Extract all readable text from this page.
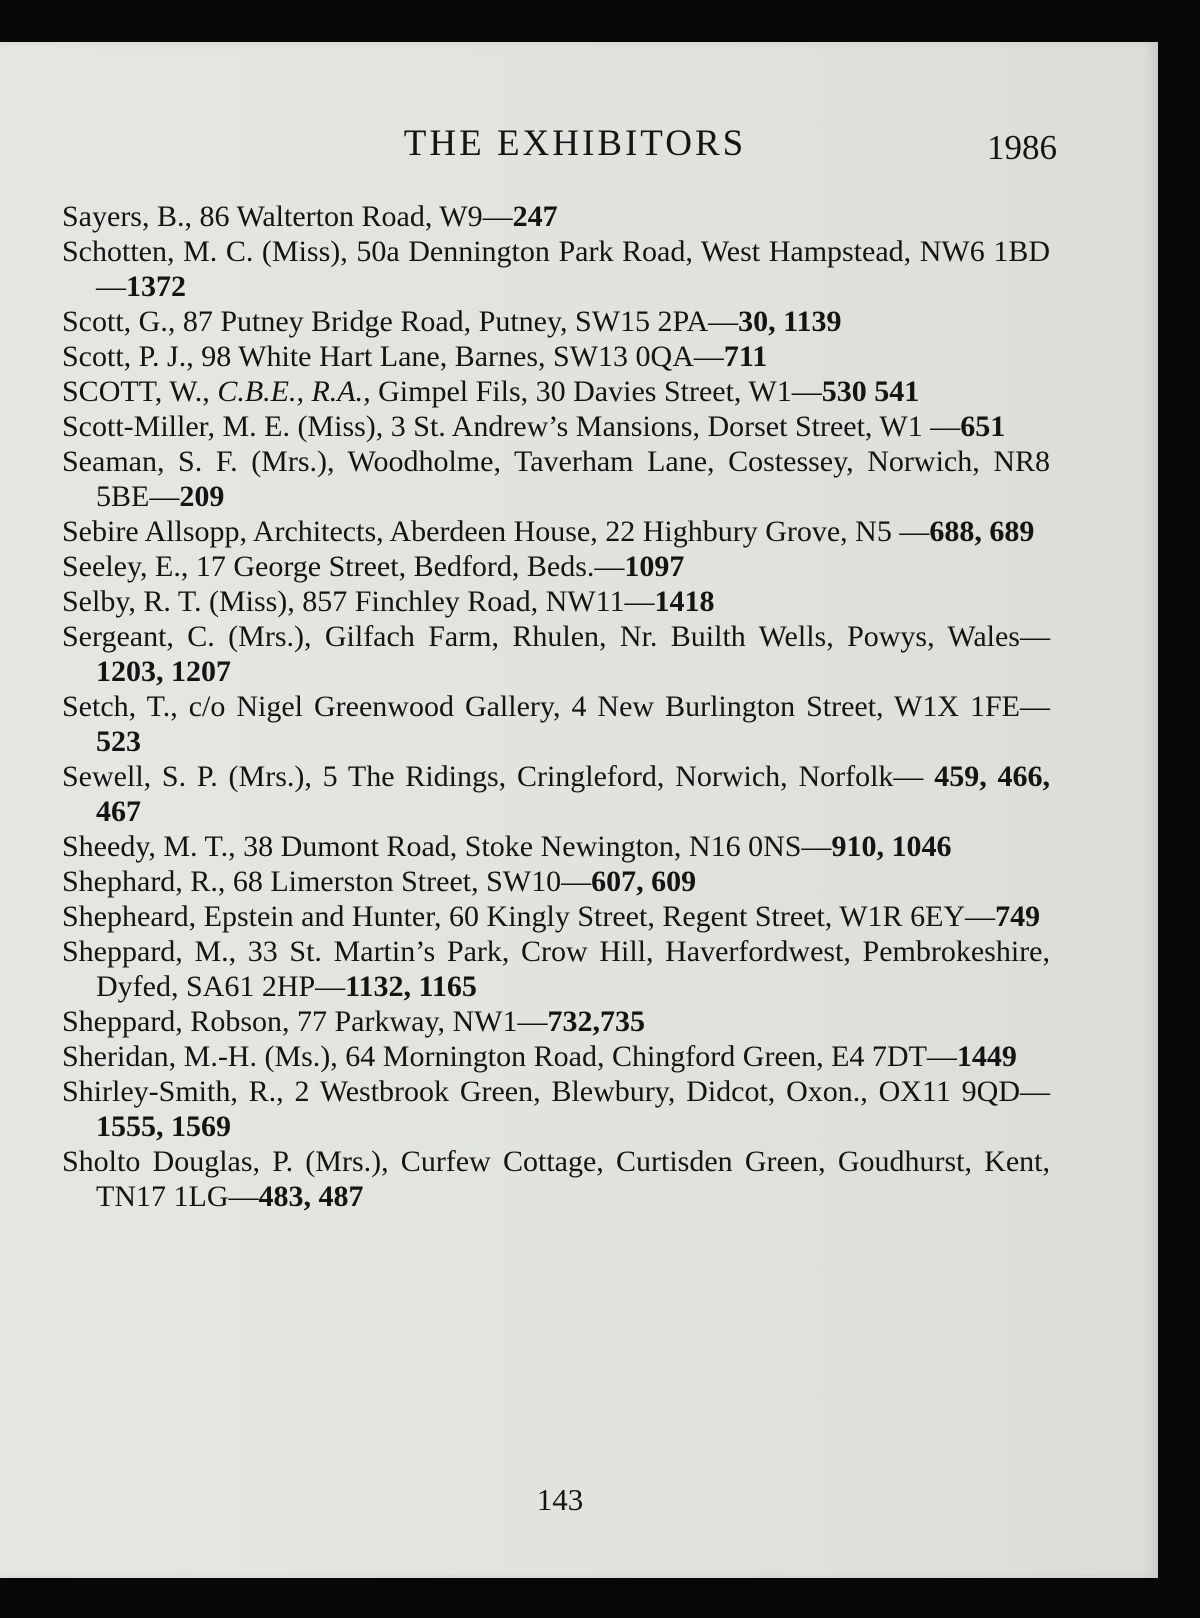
THE EXHIBITORS	1986
Sayers, B., 86 Walterton Road, W9—247
Schotten, M. C. (Miss), 50a Dennington Park Road, West Hampstead, NW6 1BD—1372
Scott, G., 87 Putney Bridge Road, Putney, SW15 2PA—30, 1139
Scott, P. J., 98 White Hart Lane, Barnes, SW13 0QA—711
SCOTT, W., C.B.E., R.A., Gimpel Fils, 30 Davies Street, W1—530 541
Scott-Miller, M. E. (Miss), 3 St. Andrew’s Mansions, Dorset Street, W1 —651
Seaman, S. F. (Mrs.), Woodholme, Taverham Lane, Costessey, Norwich, NR8 5BE—209
Sebire Allsopp, Architects, Aberdeen House, 22 Highbury Grove, N5 —688, 689
Seeley, E., 17 George Street, Bedford, Beds.—1097
Selby, R. T. (Miss), 857 Finchley Road, NW11—1418
Sergeant, C. (Mrs.), Gilfach Farm, Rhulen, Nr. Builth Wells, Powys, Wales—1203, 1207
Setch, T., c/o Nigel Greenwood Gallery, 4 New Burlington Street, W1X 1FE—523
Sewell, S. P. (Mrs.), 5 The Ridings, Cringleford, Norwich, Norfolk— 459, 466, 467
Sheedy, M. T., 38 Dumont Road, Stoke Newington, N16 0NS—910, 1046
Shephard, R., 68 Limerston Street, SW10—607, 609
Shepheard, Epstein and Hunter, 60 Kingly Street, Regent Street, W1R 6EY—749
Sheppard, M., 33 St. Martin’s Park, Crow Hill, Haverfordwest, Pembrokeshire, Dyfed, SA61 2HP—1132, 1165
Sheppard, Robson, 77 Parkway, NW1—732,735
Sheridan, M.-H. (Ms.), 64 Mornington Road, Chingford Green, E4 7DT—1449
Shirley-Smith, R., 2 Westbrook Green, Blewbury, Didcot, Oxon., OX11 9QD—1555, 1569
Sholto Douglas, P. (Mrs.), Curfew Cottage, Curtisden Green, Goudhurst, Kent, TN17 1LG—483, 487
143
